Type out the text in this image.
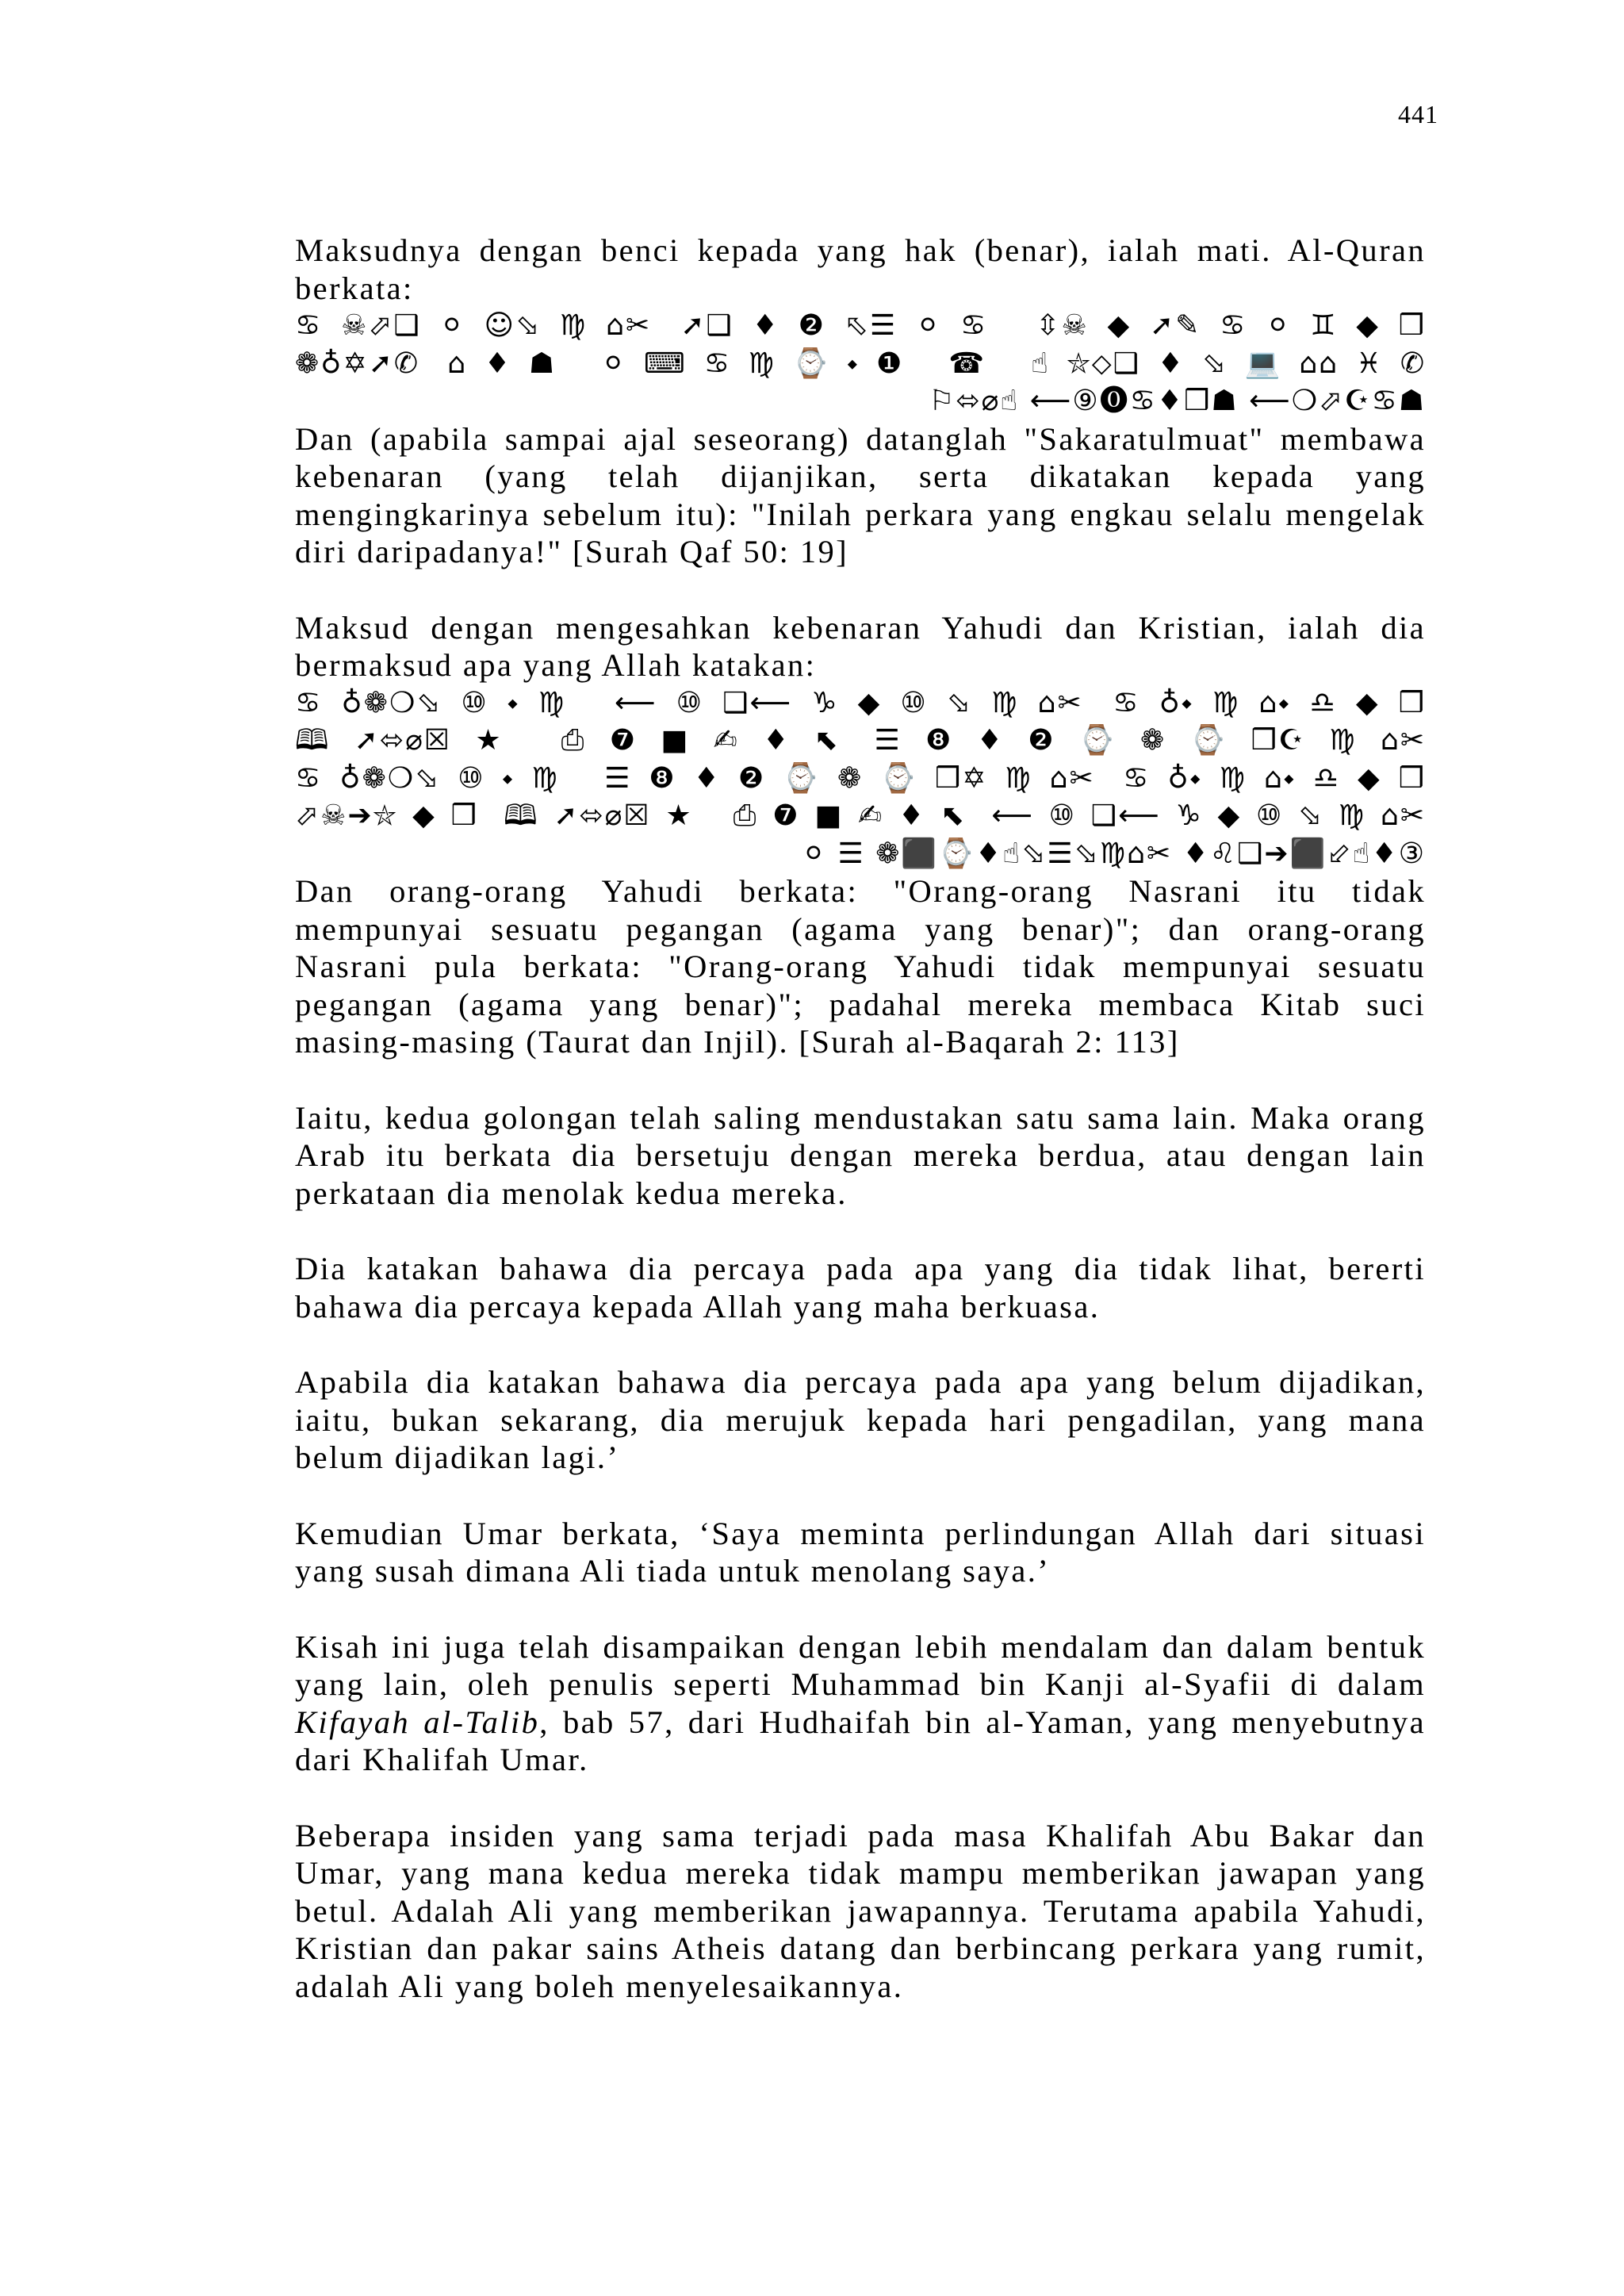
441

Maksudnya dengan benci kepada yang hak (benar), ialah mati. Al-Quran berkata:

♋☠⬀❑⚪☺⬂♍⌂✂ ➚❑♦❷⬁☰⚪♋ ⇳☠◆➚✎♋⚪♊◆❒
❁♁✡➚✆ ⌂♦☗ ⚪⌨♋♍⌚⬩❶ ☎ ☝⛥⬦❑♦⬂💻⌂⌂♓✆
⚐⬄⌀☝ ⟵⑨⓿♋♦❒☗ ⟵❍⬀☪♋☗

Dan (apabila sampai ajal seseorang) datanglah "Sakaratulmuat" membawa kebenaran (yang telah dijanjikan, serta dikatakan kepada yang mengingkarinya sebelum itu): "Inilah perkara yang engkau selalu mengelak diri daripadanya!" [Surah Qaf 50: 19]

Maksud dengan mengesahkan kebenaran Yahudi dan Kristian, ialah dia bermaksud apa yang Allah katakan:

♋♁❁❍⬂⑩⬩♍ ⟵⑩❑⟵♑◆⑩⬂♍⌂✂ ♋♁⬩♍⌂⬩♎◆❒
🕮➚⬄⌀☒★ ⎙❼■✍♦⬉ ☰❽♦❷⌚❁⌚❒☪♍⌂✂
♋♁❁❍⬂⑩⬩♍ ☰❽♦❷⌚❁⌚❒✡♍⌂✂ ♋♁⬩♍⌂⬩♎◆❒
⬀☠➔⛥◆❒ 🕮➚⬄⌀☒★ ⎙❼■✍♦⬉ ⟵⑩❑⟵♑◆⑩⬂♍⌂✂
⚪ ☰ ❁⬛⌚♦☝⬂☰⬂♍⌂✂ ♦♌❑➔⬛⬃☝♦③

Dan orang-orang Yahudi berkata: "Orang-orang Nasrani itu tidak mempunyai sesuatu pegangan (agama yang benar)"; dan orang-orang Nasrani pula berkata: "Orang-orang Yahudi tidak mempunyai sesuatu pegangan (agama yang benar)"; padahal mereka membaca Kitab suci masing-masing (Taurat dan Injil). [Surah al-Baqarah 2: 113]

Iaitu, kedua golongan telah saling mendustakan satu sama lain. Maka orang Arab itu berkata dia bersetuju dengan mereka berdua, atau dengan lain perkataan dia menolak kedua mereka.

Dia katakan bahawa dia percaya pada apa yang dia tidak lihat, bererti bahawa dia percaya kepada Allah yang maha berkuasa.

Apabila dia katakan bahawa dia percaya pada apa yang belum dijadikan, iaitu, bukan sekarang, dia merujuk kepada hari pengadilan, yang mana belum dijadikan lagi.’

Kemudian Umar berkata, ‘Saya meminta perlindungan Allah dari situasi yang susah dimana Ali tiada untuk menolang saya.’

Kisah ini juga telah disampaikan dengan lebih mendalam dan dalam bentuk yang lain, oleh penulis seperti Muhammad bin Kanji al-Syafii di dalam Kifayah al-Talib, bab 57, dari Hudhaifah bin al-Yaman, yang menyebutnya dari Khalifah Umar.

Beberapa insiden yang sama terjadi pada masa Khalifah Abu Bakar dan Umar, yang mana kedua mereka tidak mampu memberikan jawapan yang betul. Adalah Ali yang memberikan jawapannya. Terutama apabila Yahudi, Kristian dan pakar sains Atheis datang dan berbincang perkara yang rumit, adalah Ali yang boleh menyelesaikannya.
